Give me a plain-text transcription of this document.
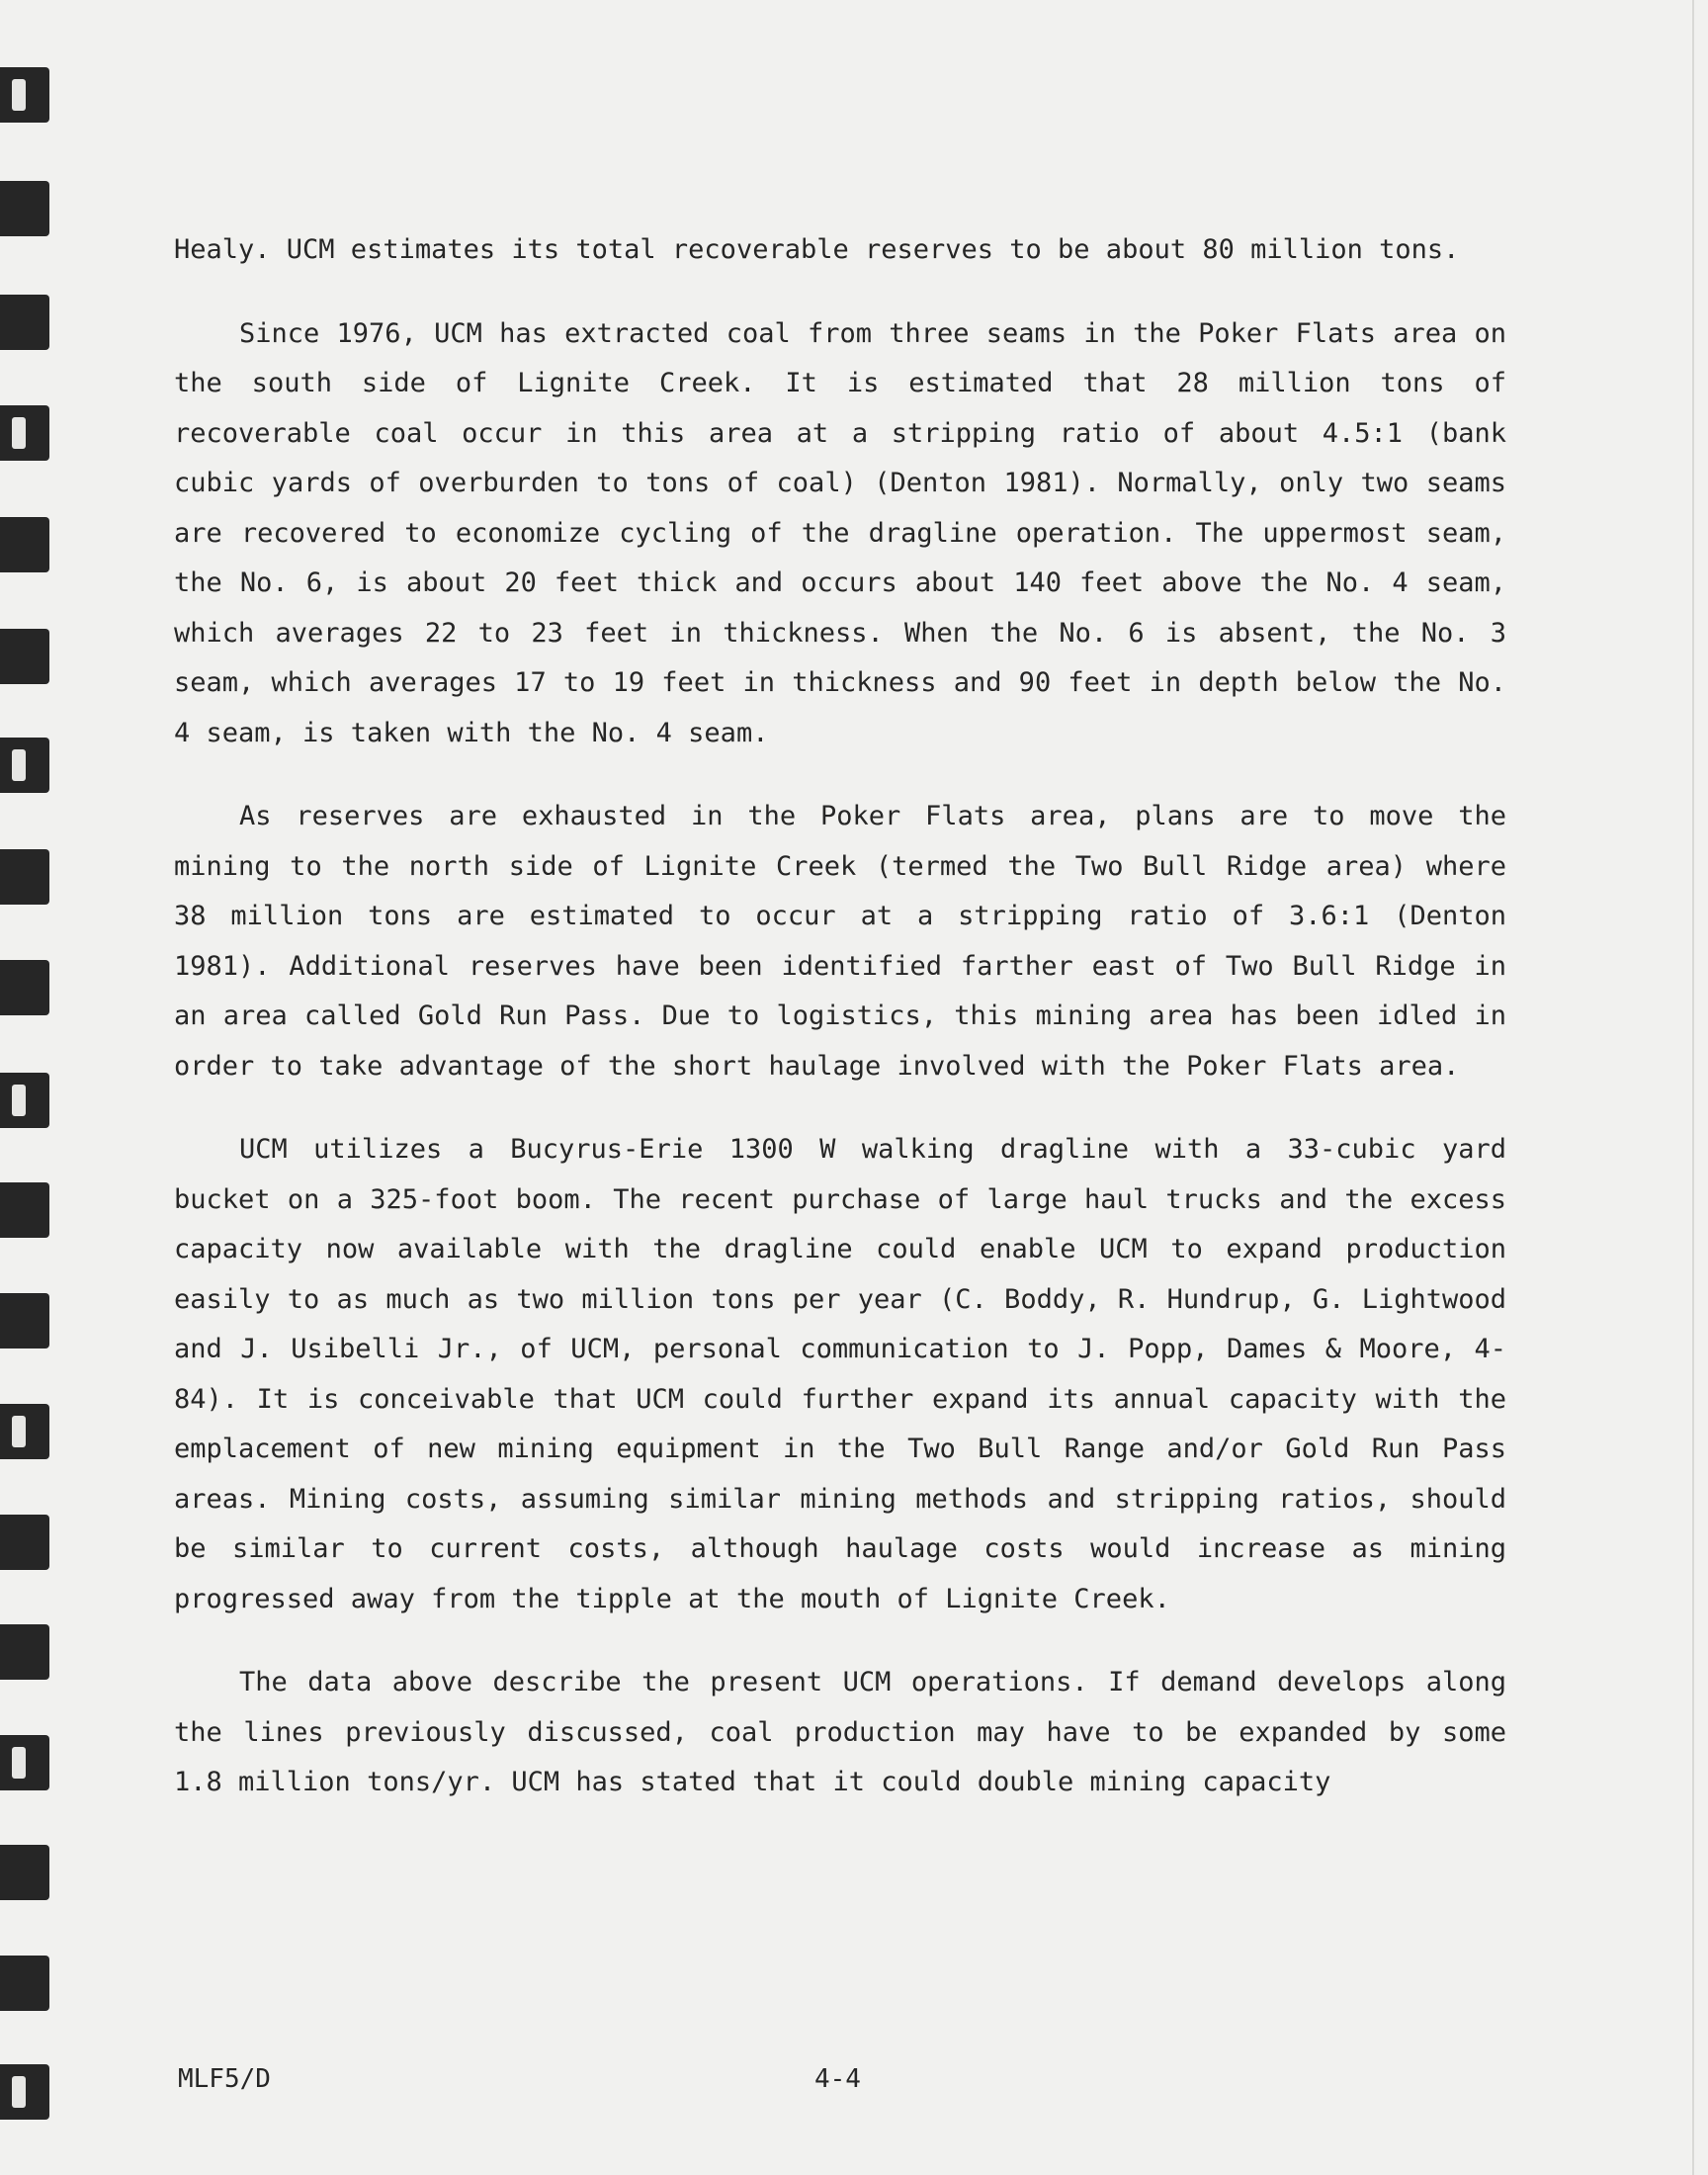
Healy. UCM estimates its total recoverable reserves to be about 80 million tons.

Since 1976, UCM has extracted coal from three seams in the Poker Flats area on the south side of Lignite Creek. It is estimated that 28 million tons of recoverable coal occur in this area at a stripping ratio of about 4.5:1 (bank cubic yards of overburden to tons of coal) (Denton 1981). Normally, only two seams are recovered to economize cycling of the dragline operation. The uppermost seam, the No. 6, is about 20 feet thick and occurs about 140 feet above the No. 4 seam, which averages 22 to 23 feet in thickness. When the No. 6 is absent, the No. 3 seam, which averages 17 to 19 feet in thickness and 90 feet in depth below the No. 4 seam, is taken with the No. 4 seam.

As reserves are exhausted in the Poker Flats area, plans are to move the mining to the north side of Lignite Creek (termed the Two Bull Ridge area) where 38 million tons are estimated to occur at a stripping ratio of 3.6:1 (Denton 1981). Additional reserves have been identified farther east of Two Bull Ridge in an area called Gold Run Pass. Due to logistics, this mining area has been idled in order to take advantage of the short haulage involved with the Poker Flats area.

UCM utilizes a Bucyrus-Erie 1300 W walking dragline with a 33-cubic yard bucket on a 325-foot boom. The recent purchase of large haul trucks and the excess capacity now available with the dragline could enable UCM to expand production easily to as much as two million tons per year (C. Boddy, R. Hundrup, G. Lightwood and J. Usibelli Jr., of UCM, personal communication to J. Popp, Dames & Moore, 4-84). It is conceivable that UCM could further expand its annual capacity with the emplacement of new mining equipment in the Two Bull Range and/or Gold Run Pass areas. Mining costs, assuming similar mining methods and stripping ratios, should be similar to current costs, although haulage costs would increase as mining progressed away from the tipple at the mouth of Lignite Creek.

The data above describe the present UCM operations. If demand develops along the lines previously discussed, coal production may have to be expanded by some 1.8 million tons/yr. UCM has stated that it could double mining capacity

MLF5/D	4-4
